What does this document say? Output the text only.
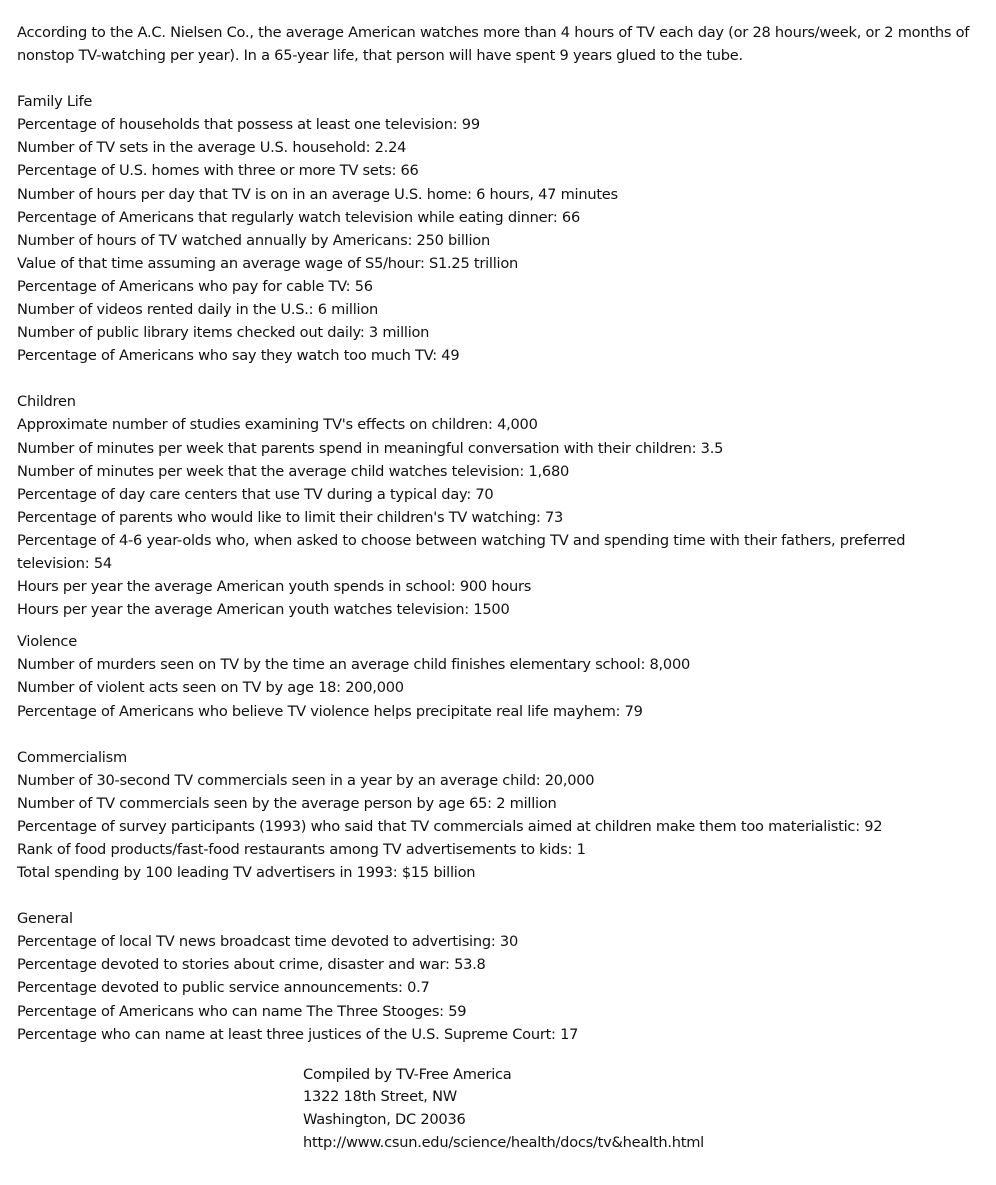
According to the A.C. Nielsen Co., the average American watches more than 4 hours of TV each day (or 28 hours/week, or 2 months of nonstop TV-watching per year). In a 65-year life, that person will have spent 9 years glued to the tube.
Family Life
Percentage of households that possess at least one television: 99
Number of TV sets in the average U.S. household: 2.24
Percentage of U.S. homes with three or more TV sets: 66
Number of hours per day that TV is on in an average U.S. home: 6 hours, 47 minutes
Percentage of Americans that regularly watch television while eating dinner: 66
Number of hours of TV watched annually by Americans: 250 billion
Value of that time assuming an average wage of S5/hour: S1.25 trillion
Percentage of Americans who pay for cable TV: 56
Number of videos rented daily in the U.S.: 6 million
Number of public library items checked out daily: 3 million
Percentage of Americans who say they watch too much TV: 49
Children
Approximate number of studies examining TV's effects on children: 4,000
Number of minutes per week that parents spend in meaningful conversation with their children: 3.5
Number of minutes per week that the average child watches television: 1,680
Percentage of day care centers that use TV during a typical day: 70
Percentage of parents who would like to limit their children's TV watching: 73
Percentage of 4-6 year-olds who, when asked to choose between watching TV and spending time with their fathers, preferred television: 54
Hours per year the average American youth spends in school: 900 hours
Hours per year the average American youth watches television: 1500
Violence
Number of murders seen on TV by the time an average child finishes elementary school: 8,000
Number of violent acts seen on TV by age 18: 200,000
Percentage of Americans who believe TV violence helps precipitate real life mayhem: 79
Commercialism
Number of 30-second TV commercials seen in a year by an average child: 20,000
Number of TV commercials seen by the average person by age 65: 2 million
Percentage of survey participants (1993) who said that TV commercials aimed at children make them too materialistic: 92
Rank of food products/fast-food restaurants among TV advertisements to kids: 1
Total spending by 100 leading TV advertisers in 1993: $15 billion
General
Percentage of local TV news broadcast time devoted to advertising: 30
Percentage devoted to stories about crime, disaster and war: 53.8
Percentage devoted to public service announcements: 0.7
Percentage of Americans who can name The Three Stooges: 59
Percentage who can name at least three justices of the U.S. Supreme Court: 17
Compiled by TV-Free America
1322 18th Street, NW
Washington, DC 20036
http://www.csun.edu/science/health/docs/tv&health.html
